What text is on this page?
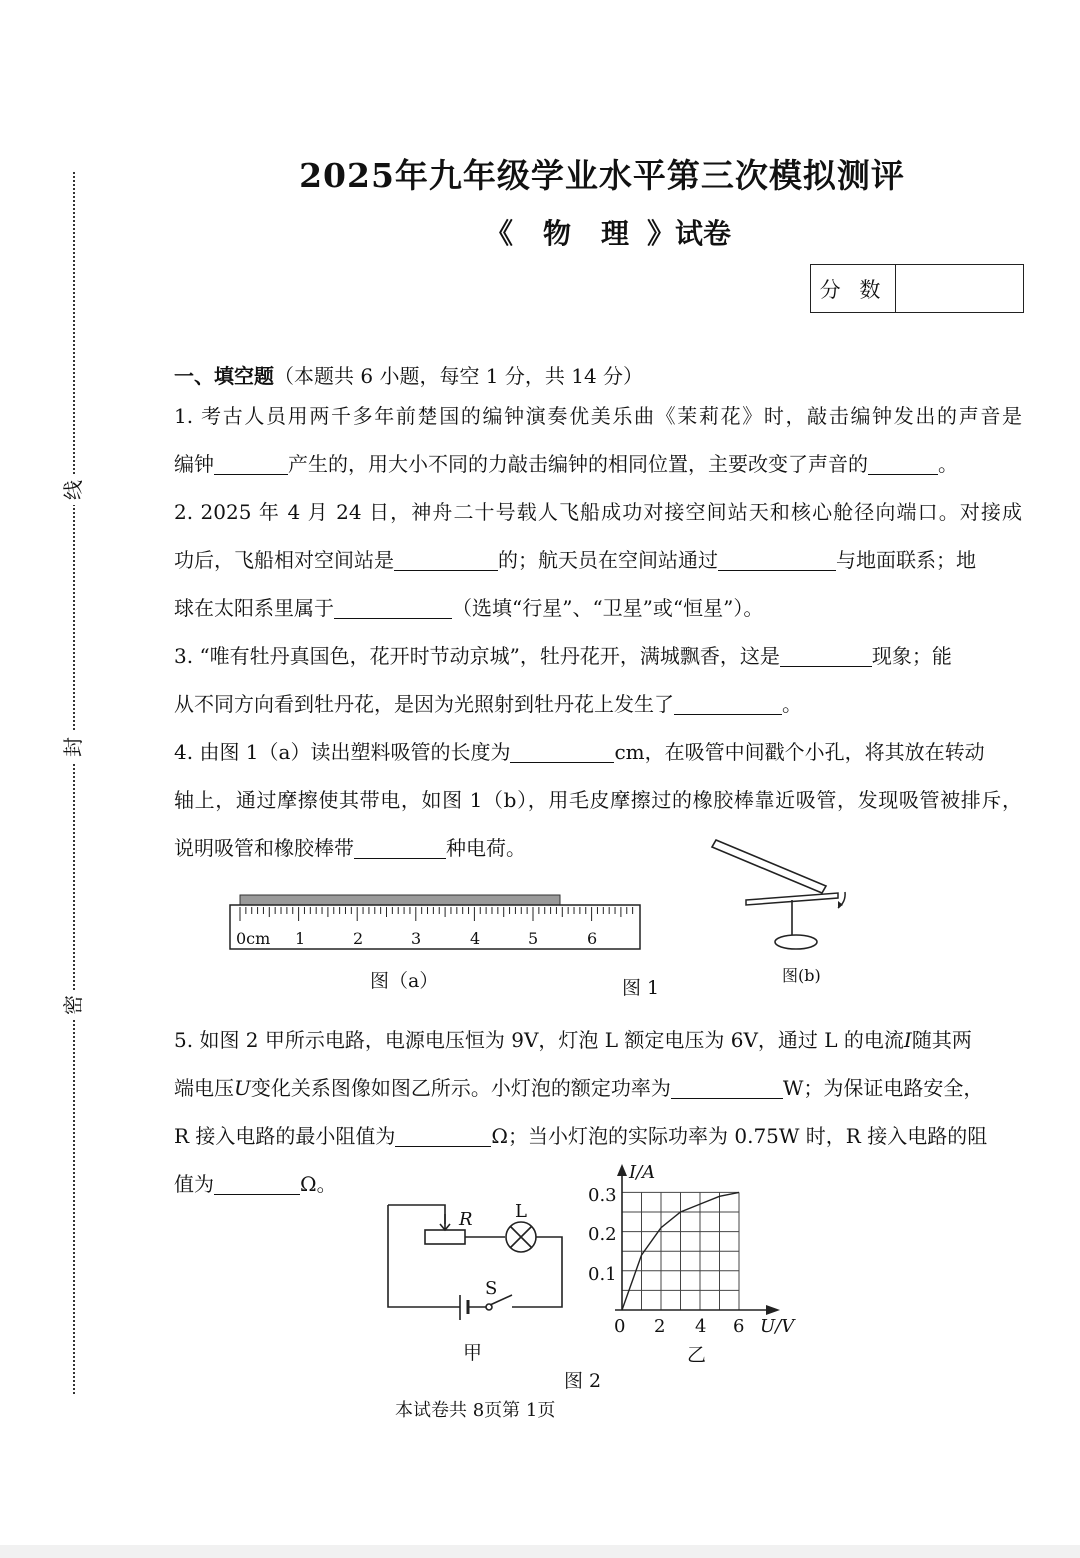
线
封
密
2025年九年级学业水平第三次模拟测评
《 物 理 》试卷
分 数
一、填空题（本题共 6 小题，每空 1 分，共 14 分）
1. 考古人员用两千多年前楚国的编钟演奏优美乐曲《茉莉花》时，敲击编钟发出的声音是
编钟	产生的，用大小不同的力敲击编钟的相同位置，主要改变了声音的	。
2. 2025 年 4 月 24 日，神舟二十号载人飞船成功对接空间站天和核心舱径向端口。对接成
功后，飞船相对空间站是	的；航天员在空间站通过	与地面联系；地
球在太阳系里属于	（选填“行星”、“卫星”或“恒星”）。
3. “唯有牡丹真国色，花开时节动京城”，牡丹花开，满城飘香，这是	现象；能
从不同方向看到牡丹花，是因为光照射到牡丹花上发生了	。
4. 由图 1（a）读出塑料吸管的长度为	cm，在吸管中间戳个小孔，将其放在转动
轴上，通过摩擦使其带电，如图 1（b），用毛皮摩擦过的橡胶棒靠近吸管，发现吸管被排斥，
说明吸管和橡胶棒带	种电荷。
0cm 1	2	3	4	5	6
图（a）	图 1
图(b)
5. 如图 2 甲所示电路，电源电压恒为 9V，灯泡 L 额定电压为 6V，通过 L 的电流I随其两
端电压U变化关系图像如图乙所示。小灯泡的额定功率为	W；为保证电路安全，
R 接入电路的最小阻值为	Ω；当小灯泡的实际功率为 0.75W 时，R 接入电路的阻
值为	Ω。
R L
S
I/A
0.3
0.2
0.1
0 2 4 6 U/V
甲	乙
图 2
本试卷共 8页第 1页
